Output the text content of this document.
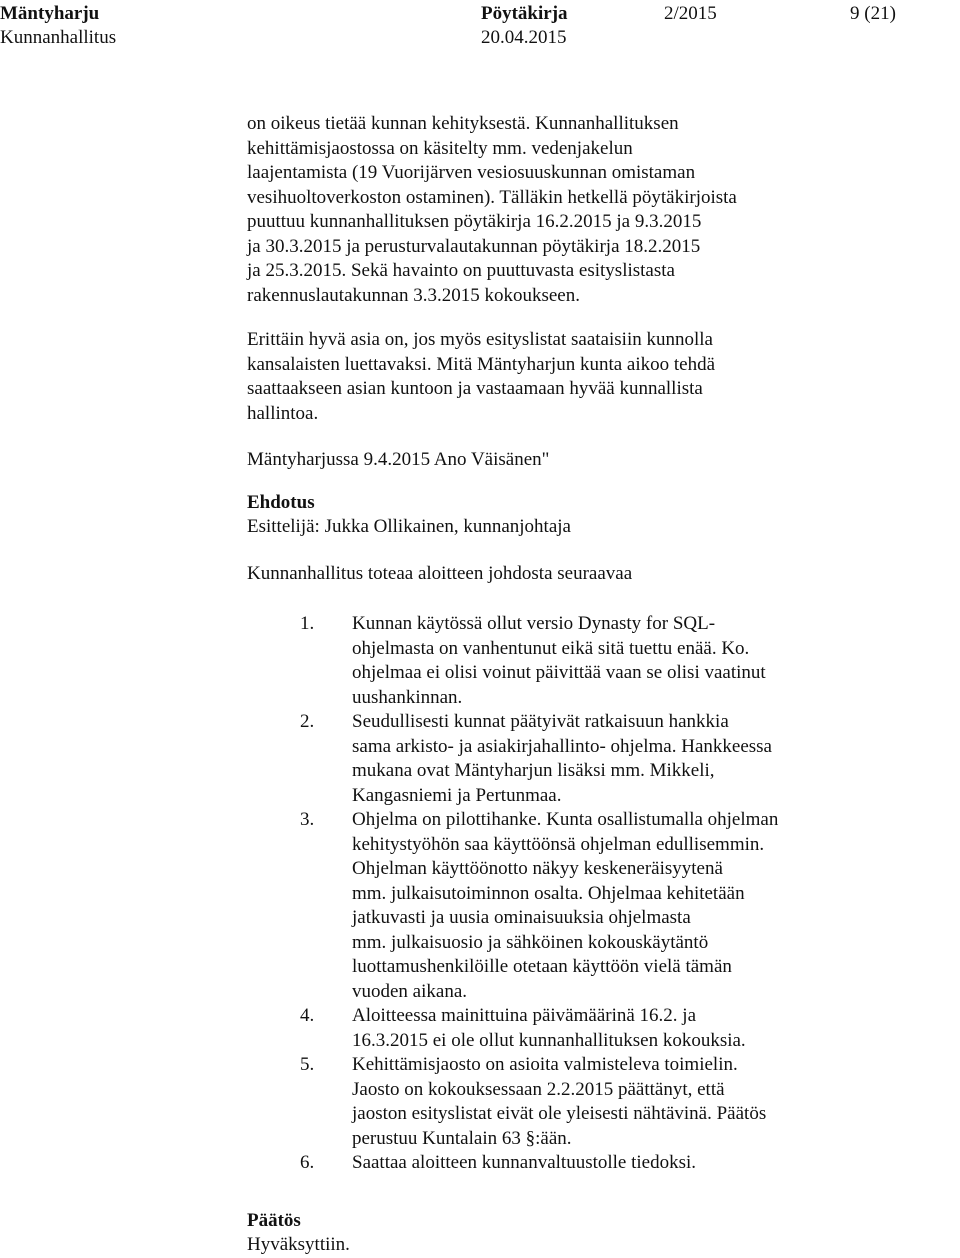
Mäntyharju	Pöytäkirja	2/2015	9 (21)
Kunnanhallitus	20.04.2015
on oikeus tietää kunnan kehityksestä. Kunnanhallituksen
kehittämisjaostossa on käsitelty mm. vedenjakelun
laajentamista (19 Vuorijärven vesiosuuskunnan omistaman
vesihuoltoverkoston ostaminen). Tälläkin hetkellä pöytäkirjoista
puuttuu kunnanhallituksen pöytäkirja 16.2.2015 ja 9.3.2015
ja 30.3.2015 ja perusturvalautakunnan pöytäkirja 18.2.2015
ja 25.3.2015. Sekä havainto on puuttuvasta esityslistasta
rakennuslautakunnan 3.3.2015 kokoukseen.
Erittäin hyvä asia on, jos myös esityslistat saataisiin kunnolla
kansalaisten luettavaksi. Mitä Mäntyharjun kunta aikoo tehdä
saattaakseen asian kuntoon ja vastaamaan hyvää kunnallista
hallintoa.
Mäntyharjussa 9.4.2015 Ano Väisänen"
Ehdotus
Esittelijä: Jukka Ollikainen, kunnanjohtaja
Kunnanhallitus toteaa aloitteen johdosta seuraavaa
1.	Kunnan käytössä ollut versio Dynasty for SQL-
ohjelmasta on vanhentunut eikä sitä tuettu enää. Ko.
ohjelmaa ei olisi voinut päivittää vaan se olisi vaatinut
uushankinnan.
2.	Seudullisesti kunnat päätyivät ratkaisuun hankkia
sama arkisto- ja asiakirjahallinto- ohjelma. Hankkeessa
mukana ovat Mäntyharjun lisäksi mm. Mikkeli,
Kangasniemi ja Pertunmaa.
3.	Ohjelma on pilottihanke. Kunta osallistumalla ohjelman
kehitystyöhön saa käyttöönsä ohjelman edullisemmin.
Ohjelman käyttöönotto näkyy keskeneräisyytenä
mm. julkaisutoiminnon osalta. Ohjelmaa kehitetään
jatkuvasti ja uusia ominaisuuksia ohjelmasta
mm. julkaisuosio ja sähköinen kokouskäytäntö
luottamushenkilöille otetaan käyttöön vielä tämän
vuoden aikana.
4.	Aloitteessa mainittuina päivämäärinä 16.2. ja
16.3.2015 ei ole ollut kunnanhallituksen kokouksia.
5.	Kehittämisjaosto on asioita valmisteleva toimielin.
Jaosto on kokouksessaan 2.2.2015 päättänyt, että
jaoston esityslistat eivät ole yleisesti nähtävinä. Päätös
perustuu Kuntalain 63 §:ään.
6.	Saattaa aloitteen kunnanvaltuustolle tiedoksi.
Päätös
Hyväksyttiin.
